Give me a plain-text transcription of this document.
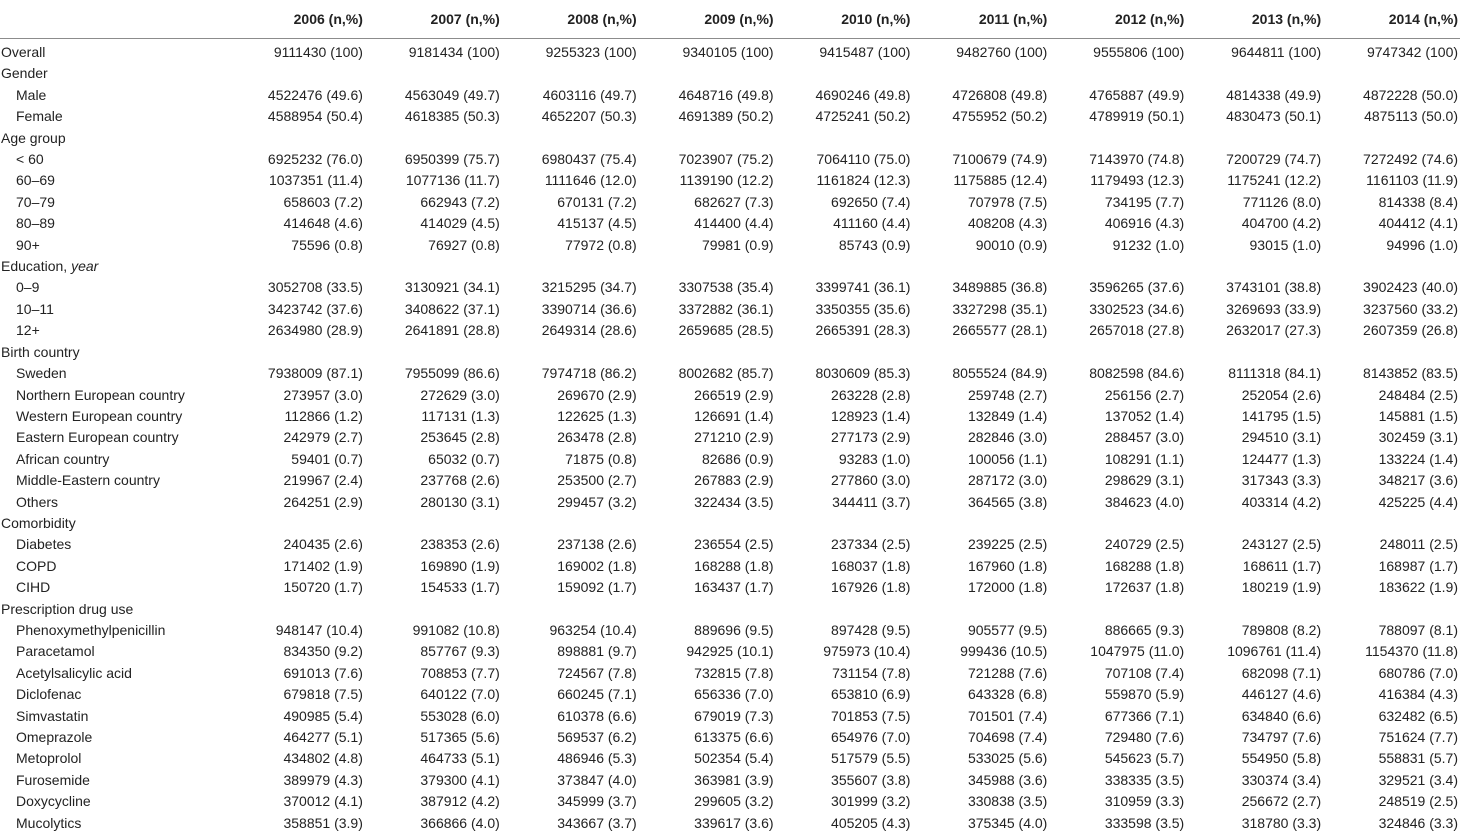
	2006 (n,%)	2007 (n,%)	2008 (n,%)	2009 (n,%)	2010 (n,%)	2011 (n,%)	2012 (n,%)	2013 (n,%)	2014 (n,%)
Overall	9111430 (100)	9181434 (100)	9255323 (100)	9340105 (100)	9415487 (100)	9482760 (100)	9555806 (100)	9644811 (100)	9747342 (100)
Gender									
Male	4522476 (49.6)	4563049 (49.7)	4603116 (49.7)	4648716 (49.8)	4690246 (49.8)	4726808 (49.8)	4765887 (49.9)	4814338 (49.9)	4872228 (50.0)
Female	4588954 (50.4)	4618385 (50.3)	4652207 (50.3)	4691389 (50.2)	4725241 (50.2)	4755952 (50.2)	4789919 (50.1)	4830473 (50.1)	4875113 (50.0)
Age group									
< 60	6925232 (76.0)	6950399 (75.7)	6980437 (75.4)	7023907 (75.2)	7064110 (75.0)	7100679 (74.9)	7143970 (74.8)	7200729 (74.7)	7272492 (74.6)
60–69	1037351 (11.4)	1077136 (11.7)	1111646 (12.0)	1139190 (12.2)	1161824 (12.3)	1175885 (12.4)	1179493 (12.3)	1175241 (12.2)	1161103 (11.9)
70–79	658603 (7.2)	662943 (7.2)	670131 (7.2)	682627 (7.3)	692650 (7.4)	707978 (7.5)	734195 (7.7)	771126 (8.0)	814338 (8.4)
80–89	414648 (4.6)	414029 (4.5)	415137 (4.5)	414400 (4.4)	411160 (4.4)	408208 (4.3)	406916 (4.3)	404700 (4.2)	404412 (4.1)
90+	75596 (0.8)	76927 (0.8)	77972 (0.8)	79981 (0.9)	85743 (0.9)	90010 (0.9)	91232 (1.0)	93015 (1.0)	94996 (1.0)
Education, year									
0–9	3052708 (33.5)	3130921 (34.1)	3215295 (34.7)	3307538 (35.4)	3399741 (36.1)	3489885 (36.8)	3596265 (37.6)	3743101 (38.8)	3902423 (40.0)
10–11	3423742 (37.6)	3408622 (37.1)	3390714 (36.6)	3372882 (36.1)	3350355 (35.6)	3327298 (35.1)	3302523 (34.6)	3269693 (33.9)	3237560 (33.2)
12+	2634980 (28.9)	2641891 (28.8)	2649314 (28.6)	2659685 (28.5)	2665391 (28.3)	2665577 (28.1)	2657018 (27.8)	2632017 (27.3)	2607359 (26.8)
Birth country									
Sweden	7938009 (87.1)	7955099 (86.6)	7974718 (86.2)	8002682 (85.7)	8030609 (85.3)	8055524 (84.9)	8082598 (84.6)	8111318 (84.1)	8143852 (83.5)
Northern European country	273957 (3.0)	272629 (3.0)	269670 (2.9)	266519 (2.9)	263228 (2.8)	259748 (2.7)	256156 (2.7)	252054 (2.6)	248484 (2.5)
Western European country	112866 (1.2)	117131 (1.3)	122625 (1.3)	126691 (1.4)	128923 (1.4)	132849 (1.4)	137052 (1.4)	141795 (1.5)	145881 (1.5)
Eastern European country	242979 (2.7)	253645 (2.8)	263478 (2.8)	271210 (2.9)	277173 (2.9)	282846 (3.0)	288457 (3.0)	294510 (3.1)	302459 (3.1)
African country	59401 (0.7)	65032 (0.7)	71875 (0.8)	82686 (0.9)	93283 (1.0)	100056 (1.1)	108291 (1.1)	124477 (1.3)	133224 (1.4)
Middle-Eastern country	219967 (2.4)	237768 (2.6)	253500 (2.7)	267883 (2.9)	277860 (3.0)	287172 (3.0)	298629 (3.1)	317343 (3.3)	348217 (3.6)
Others	264251 (2.9)	280130 (3.1)	299457 (3.2)	322434 (3.5)	344411 (3.7)	364565 (3.8)	384623 (4.0)	403314 (4.2)	425225 (4.4)
Comorbidity									
Diabetes	240435 (2.6)	238353 (2.6)	237138 (2.6)	236554 (2.5)	237334 (2.5)	239225 (2.5)	240729 (2.5)	243127 (2.5)	248011 (2.5)
COPD	171402 (1.9)	169890 (1.9)	169002 (1.8)	168288 (1.8)	168037 (1.8)	167960 (1.8)	168288 (1.8)	168611 (1.7)	168987 (1.7)
CIHD	150720 (1.7)	154533 (1.7)	159092 (1.7)	163437 (1.7)	167926 (1.8)	172000 (1.8)	172637 (1.8)	180219 (1.9)	183622 (1.9)
Prescription drug use									
Phenoxymethylpenicillin	948147 (10.4)	991082 (10.8)	963254 (10.4)	889696 (9.5)	897428 (9.5)	905577 (9.5)	886665 (9.3)	789808 (8.2)	788097 (8.1)
Paracetamol	834350 (9.2)	857767 (9.3)	898881 (9.7)	942925 (10.1)	975973 (10.4)	999436 (10.5)	1047975 (11.0)	1096761 (11.4)	1154370 (11.8)
Acetylsalicylic acid	691013 (7.6)	708853 (7.7)	724567 (7.8)	732815 (7.8)	731154 (7.8)	721288 (7.6)	707108 (7.4)	682098 (7.1)	680786 (7.0)
Diclofenac	679818 (7.5)	640122 (7.0)	660245 (7.1)	656336 (7.0)	653810 (6.9)	643328 (6.8)	559870 (5.9)	446127 (4.6)	416384 (4.3)
Simvastatin	490985 (5.4)	553028 (6.0)	610378 (6.6)	679019 (7.3)	701853 (7.5)	701501 (7.4)	677366 (7.1)	634840 (6.6)	632482 (6.5)
Omeprazole	464277 (5.1)	517365 (5.6)	569537 (6.2)	613375 (6.6)	654976 (7.0)	704698 (7.4)	729480 (7.6)	734797 (7.6)	751624 (7.7)
Metoprolol	434802 (4.8)	464733 (5.1)	486946 (5.3)	502354 (5.4)	517579 (5.5)	533025 (5.6)	545623 (5.7)	554950 (5.8)	558831 (5.7)
Furosemide	389979 (4.3)	379300 (4.1)	373847 (4.0)	363981 (3.9)	355607 (3.8)	345988 (3.6)	338335 (3.5)	330374 (3.4)	329521 (3.4)
Doxycycline	370012 (4.1)	387912 (4.2)	345999 (3.7)	299605 (3.2)	301999 (3.2)	330838 (3.5)	310959 (3.3)	256672 (2.7)	248519 (2.5)
Mucolytics	358851 (3.9)	366866 (4.0)	343667 (3.7)	339617 (3.6)	405205 (4.3)	375345 (4.0)	333598 (3.5)	318780 (3.3)	324846 (3.3)
